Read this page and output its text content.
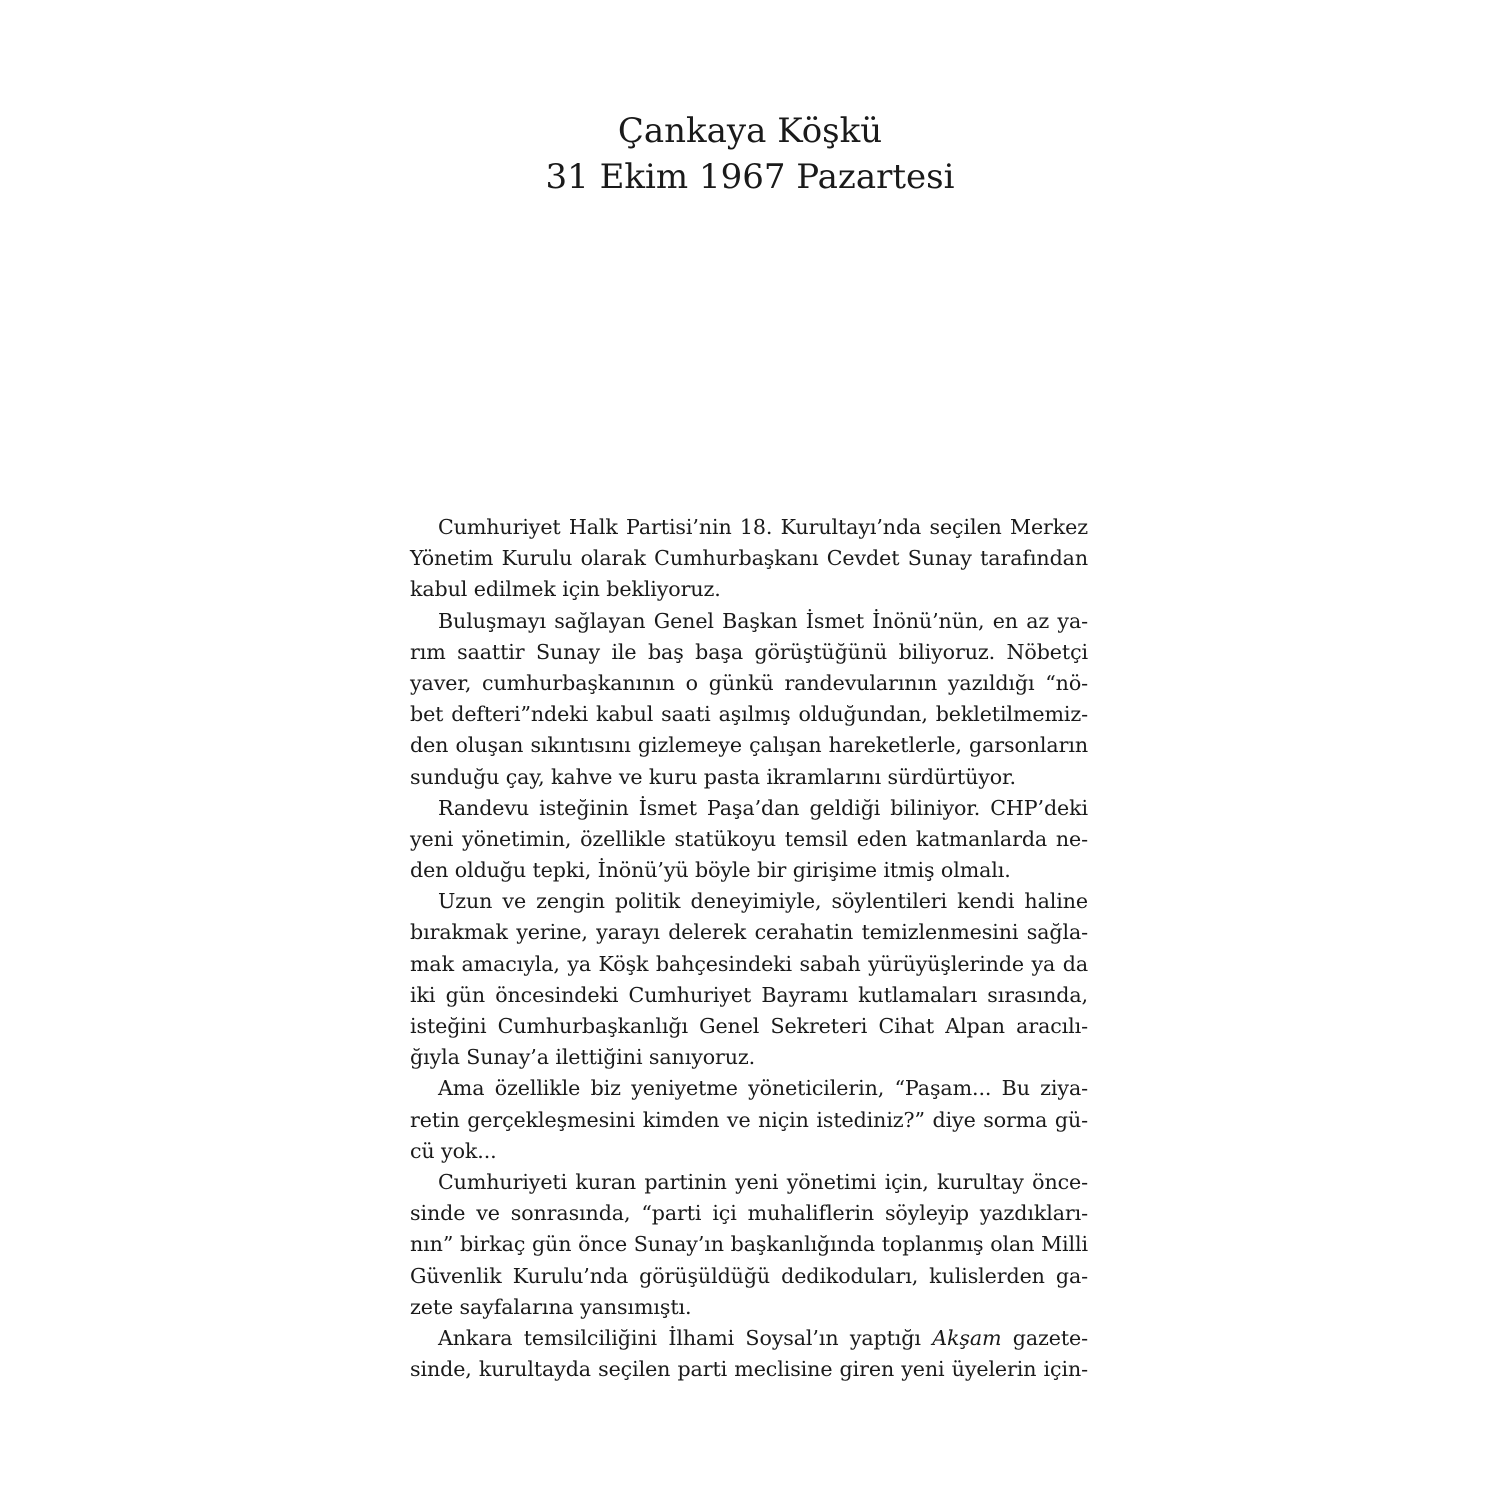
Çankaya Köşkü
31 Ekim 1967 Pazartesi
Cumhuriyet Halk Partisi’nin 18. Kurultayı’nda seçilen Merkez
Yönetim Kurulu olarak Cumhurbaşkanı Cevdet Sunay tarafından
kabul edilmek için bekliyoruz.
Buluşmayı sağlayan Genel Başkan İsmet İnönü’nün, en az ya-
rım saattir Sunay ile baş başa görüştüğünü biliyoruz. Nöbetçi
yaver, cumhurbaşkanının o günkü randevularının yazıldığı “nö-
bet defteri”ndeki kabul saati aşılmış olduğundan, bekletilmemiz-
den oluşan sıkıntısını gizlemeye çalışan hareketlerle, garsonların
sunduğu çay, kahve ve kuru pasta ikramlarını sürdürtüyor.
Randevu isteğinin İsmet Paşa’dan geldiği biliniyor. CHP’deki
yeni yönetimin, özellikle statükoyu temsil eden katmanlarda ne-
den olduğu tepki, İnönü’yü böyle bir girişime itmiş olmalı.
Uzun ve zengin politik deneyimiyle, söylentileri kendi haline
bırakmak yerine, yarayı delerek cerahatin temizlenmesini sağla-
mak amacıyla, ya Köşk bahçesindeki sabah yürüyüşlerinde ya da
iki gün öncesindeki Cumhuriyet Bayramı kutlamaları sırasında,
isteğini Cumhurbaşkanlığı Genel Sekreteri Cihat Alpan aracılı-
ğıyla Sunay’a ilettiğini sanıyoruz.
Ama özellikle biz yeniyetme yöneticilerin, “Paşam... Bu ziya-
retin gerçekleşmesini kimden ve niçin istediniz?” diye sorma gü-
cü yok...
Cumhuriyeti kuran partinin yeni yönetimi için, kurultay önce-
sinde ve sonrasında, “parti içi muhaliflerin söyleyip yazdıkları-
nın” birkaç gün önce Sunay’ın başkanlığında toplanmış olan Milli
Güvenlik Kurulu’nda görüşüldüğü dedikoduları, kulislerden ga-
zete sayfalarına yansımıştı.
Ankara temsilciliğini İlhami Soysal’ın yaptığı Akşam gazete-
sinde, kurultayda seçilen parti meclisine giren yeni üyelerin için-
